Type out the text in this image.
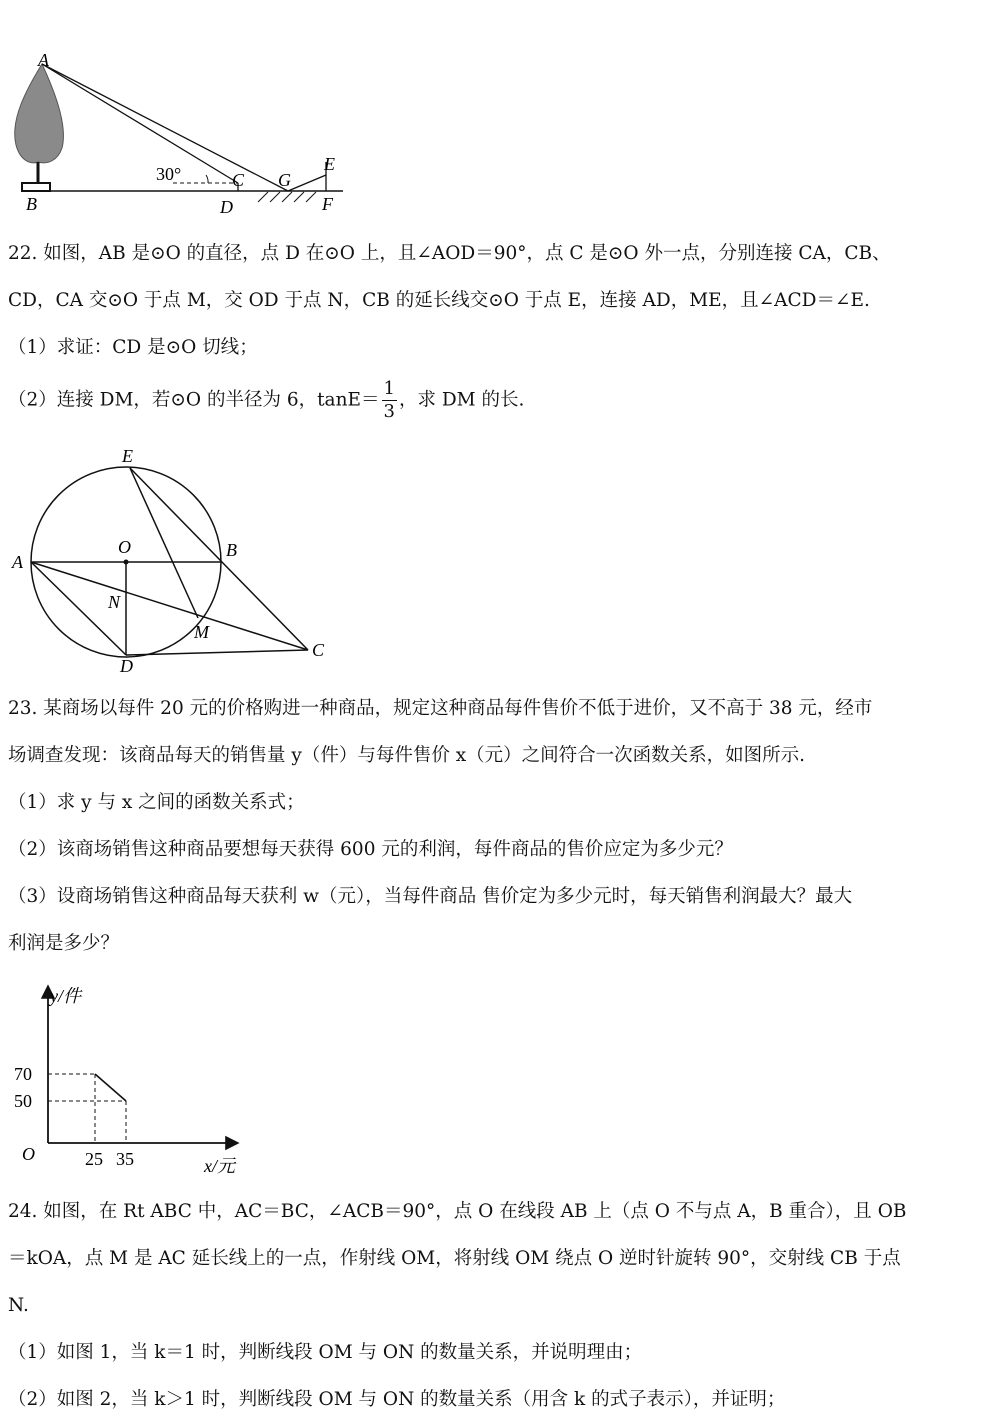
A
B
C
D
E
F
G
30°
22. 如图，AB 是⊙O 的直径，点 D 在⊙O 上，且∠AOD＝90°，点 C 是⊙O 外一点，分别连接 CA，CB、
CD，CA 交⊙O 于点 M，交 OD 于点 N，CB 的延长线交⊙O 于点 E，连接 AD，ME，且∠ACD＝∠E.
（1）求证：CD 是⊙O 切线；
（2）连接 DM，若⊙O 的半径为 6，$\tan E= \frac{1}{3}$ ，求 DM 的长.
E
O
A
B
N
M
D
C
23. 某商场以每件 20 元的价格购进一种商品，规定这种商品每件售价不低于进价，又不高于 38 元，经市
场调查发现：该商品每天的销售量 y（件）与每件售价 x（元）之间符合一次函数关系，如图所示.
（1）求 y 与 x 之间的函数关系式；
（2）该商场销售这种商品要想每天获得 600 元的利润，每件商品的售价应定为多少元？
（3）设商场销售这种商品每天获利 w（元），当每件商品 售价定为多少元时，每天销售利润最大？最大
利润是多少？
y/件
x/元
O
70
25
50
35
24. 如图，在 Rt ABC 中，AC＝BC，∠ACB＝90°，点 O 在线段 AB 上（点 O 不与点 A，B 重合），且 OB
＝kOA，点 M 是 AC 延长线上的一点，作射线 OM，将射线 OM 绕点 O 逆时针旋转 90°，交射线 CB 于点
N.
（1）如图 1，当 k＝1 时，判断线段 OM 与 ON 的数量关系，并说明理由；
（2）如图 2，当 k＞1 时，判断线段 OM 与 ON 的数量关系（用含 k 的式子表示），并证明；
